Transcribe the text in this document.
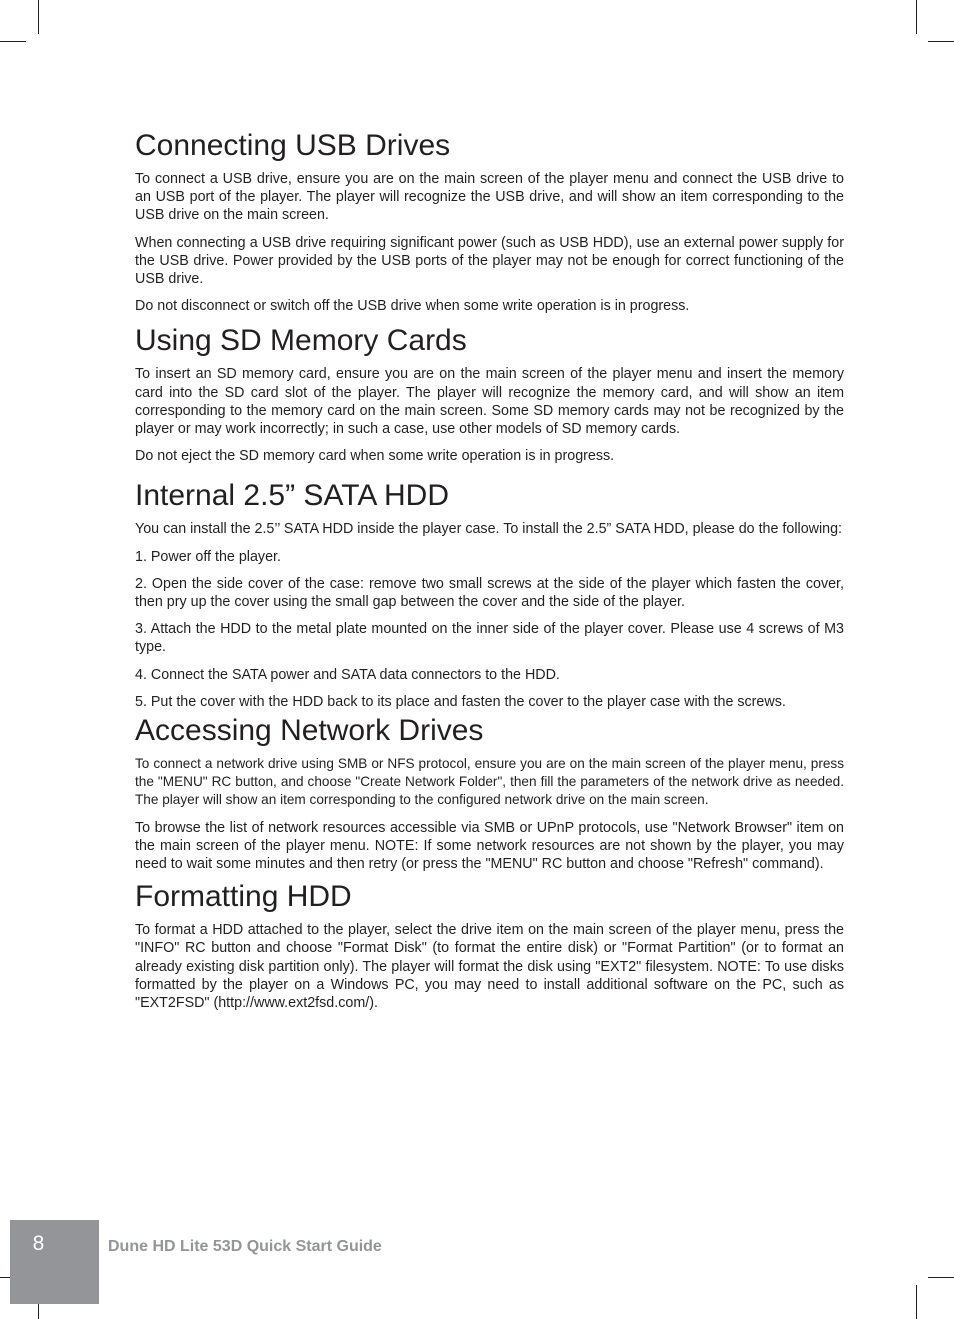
Connecting USB Drives

To connect a USB drive, ensure you are on the main screen of the player menu and connect the USB drive to an USB port of the player. The player will recognize the USB drive, and will show an item corresponding to the USB drive on the main screen.

When connecting a USB drive requiring significant power (such as USB HDD), use an external power supply for the USB drive. Power provided by the USB ports of the player may not be enough for correct functioning of the USB drive.

Do not disconnect or switch off the USB drive when some write operation is in progress.

Using SD Memory Cards

To insert an SD memory card, ensure you are on the main screen of the player menu and insert the memory card into the SD card slot of the player. The player will recognize the memory card, and will show an item corresponding to the memory card on the main screen. Some SD memory cards may not be recognized by the player or may work incorrectly; in such a case, use other models of SD memory cards.

Do not eject the SD memory card when some write operation is in progress.

Internal 2.5” SATA HDD

You can install the 2.5’’ SATA HDD inside the player case. To install the 2.5” SATA HDD, please do the following:

1. Power off the player.

2. Open the side cover of the case: remove two small screws at the side of the player which fasten the cover, then pry up the cover using the small gap between the cover and the side of the player.

3. Attach the HDD to the metal plate mounted on the inner side of the player cover. Please use 4 screws of M3 type.

4. Connect the SATA power and SATA data connectors to the HDD.

5. Put the cover with the HDD back to its place and fasten the cover to the player case with the screws.

Accessing Network Drives

To connect a network drive using SMB or NFS protocol, ensure you are on the main screen of the player menu, press the "MENU" RC button, and choose "Create Network Folder", then fill the parameters of the network drive as needed. The player will show an item corresponding to the configured network drive on the main screen.

To browse the list of network resources accessible via SMB or UPnP protocols, use "Network Browser" item on the main screen of the player menu. NOTE: If some network resources are not shown by the player, you may need to wait some minutes and then retry (or press the "MENU" RC button and choose "Refresh" command).

Formatting HDD

To format a HDD attached to the player, select the drive item on the main screen of the player menu, press the "INFO" RC button and choose "Format Disk" (to format the entire disk) or "Format Partition" (or to format an already existing disk partition only). The player will format the disk using "EXT2" filesystem. NOTE: To use disks formatted by the player on a Windows PC, you may need to install additional software on the PC, such as "EXT2FSD" (http://www.ext2fsd.com/).

8	Dune HD Lite 53D Quick Start Guide
